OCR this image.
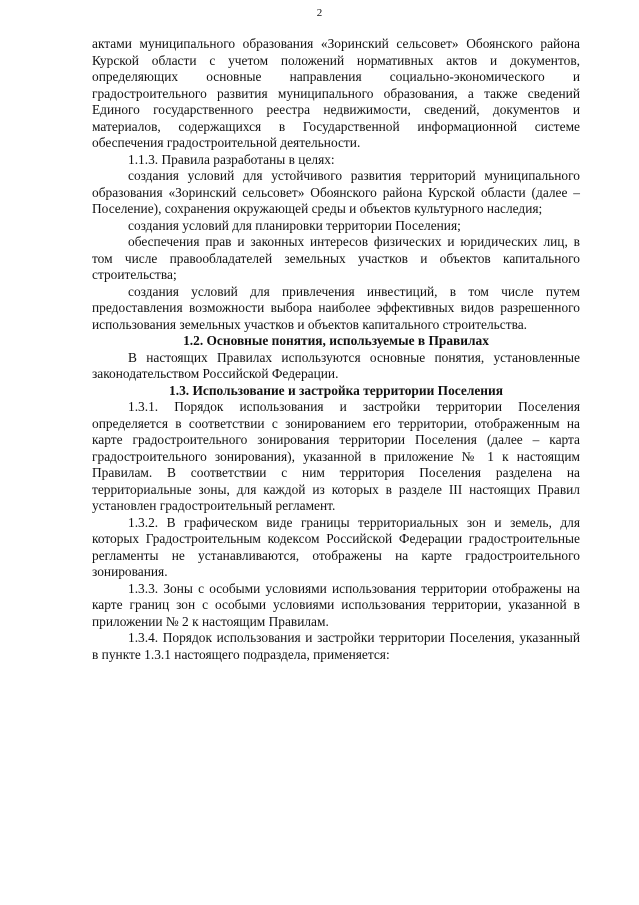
2

актами муниципального образования «Зоринский сельсовет» Обоянского района Курской области с учетом положений нормативных актов и документов, определяющих основные направления социально-экономического и градостроительного развития муниципального образования, а также сведений Единого государственного реестра недвижимости, сведений, документов и материалов, содержащихся в Государственной информационной системе обеспечения градостроительной деятельности.

1.1.3. Правила разработаны в целях:

создания условий для устойчивого развития территорий муниципального образования «Зоринский сельсовет» Обоянского района Курской области (далее – Поселение), сохранения окружающей среды и объектов культурного наследия;

создания условий для планировки территории Поселения;

обеспечения прав и законных интересов физических и юридических лиц, в том числе правообладателей земельных участков и объектов капитального строительства;

создания условий для привлечения инвестиций, в том числе путем предоставления возможности выбора наиболее эффективных видов разрешенного использования земельных участков и объектов капитального строительства.

1.2. Основные понятия, используемые в Правилах

В настоящих Правилах используются основные понятия, установленные законодательством Российской Федерации.

1.3. Использование и застройка территории Поселения

1.3.1. Порядок использования и застройки территории Поселения определяется в соответствии с зонированием его территории, отображенным на карте градостроительного зонирования территории Поселения (далее – карта градостроительного зонирования), указанной в приложение № 1 к настоящим Правилам. В соответствии с ним территория Поселения разделена на территориальные зоны, для каждой из которых в разделе III настоящих Правил установлен градостроительный регламент.

1.3.2. В графическом виде границы территориальных зон и земель, для которых Градостроительным кодексом Российской Федерации градостроительные регламенты не устанавливаются, отображены на карте градостроительного зонирования.

1.3.3. Зоны с особыми условиями использования территории отображены на карте границ зон с особыми условиями использования территории, указанной в приложении № 2 к настоящим Правилам.

1.3.4. Порядок использования и застройки территории Поселения, указанный в пункте 1.3.1 настоящего подраздела, применяется:
